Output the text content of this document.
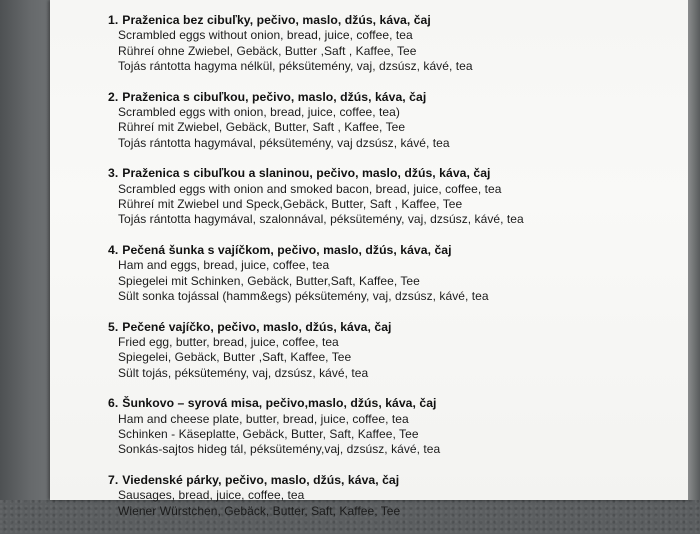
1. Praženica bez cibuľky, pečivo, maslo, džús, káva, čaj
Scrambled eggs without onion, bread, juice, coffee, tea
Rühreí ohne Zwiebel, Gebäck, Butter ,Saft , Kaffee, Tee
Tojás rántotta hagyma nélkül, péksütemény, vaj, dzsúsz, kávé, tea
2. Praženica s cibuľkou, pečivo, maslo, džús, káva, čaj
Scrambled eggs with onion, bread, juice, coffee, tea)
Rühreí mit Zwiebel, Gebäck, Butter, Saft , Kaffee, Tee
Tojás rántotta hagymával, péksütemény, vaj dzsúsz, kávé, tea
3. Praženica s cibuľkou a slaninou, pečivo, maslo, džús, káva, čaj
Scrambled eggs with onion and smoked bacon, bread, juice, coffee, tea
Rühreí mit Zwiebel und Speck,Gebäck, Butter, Saft , Kaffee, Tee
Tojás rántotta hagymával, szalonnával, péksütemény, vaj, dzsúsz, kávé, tea
4. Pečená šunka s vajíčkom, pečivo, maslo, džús, káva, čaj
Ham and eggs, bread, juice, coffee, tea
Spiegelei mit Schinken, Gebäck, Butter,Saft, Kaffee, Tee
Sült sonka tojással (hamm&egs) péksütemény, vaj, dzsúsz, kávé, tea
5. Pečené vajíčko, pečivo, maslo, džús, káva, čaj
Fried egg, butter, bread, juice, coffee, tea
Spiegelei, Gebäck, Butter ,Saft, Kaffee, Tee
Sült tojás, péksütemény, vaj, dzsúsz, kávé, tea
6. Šunkovo – syrová misa, pečivo,maslo, džús, káva, čaj
Ham and cheese plate, butter, bread, juice, coffee, tea
Schinken - Käseplatte, Gebäck, Butter, Saft, Kaffee, Tee
Sonkás-sajtos hideg tál, péksütemény,vaj, dzsúsz, kávé, tea
7. Viedenské párky, pečivo, maslo, džús, káva, čaj
Sausages, bread, juice, coffee, tea
Wiener Würstchen, Gebäck, Butter, Saft, Kaffee, Tee
